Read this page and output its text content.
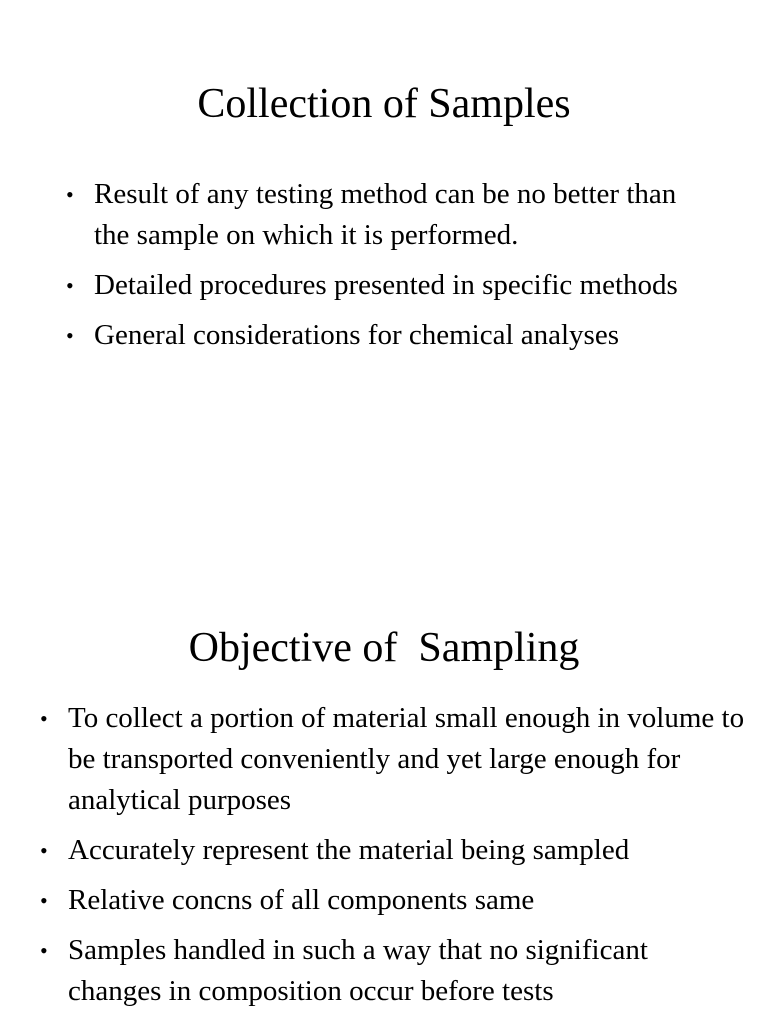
Collection of Samples
• Result of any testing method can be no better than the sample on which it is performed.
• Detailed procedures presented in specific methods
• General considerations for chemical analyses
Objective of  Sampling
• To collect a portion of material small enough in volume to be transported conveniently and yet large enough for analytical purposes
• Accurately represent the material being sampled
• Relative concns of all components same
• Samples handled in such a way that no significant changes in composition occur before tests
